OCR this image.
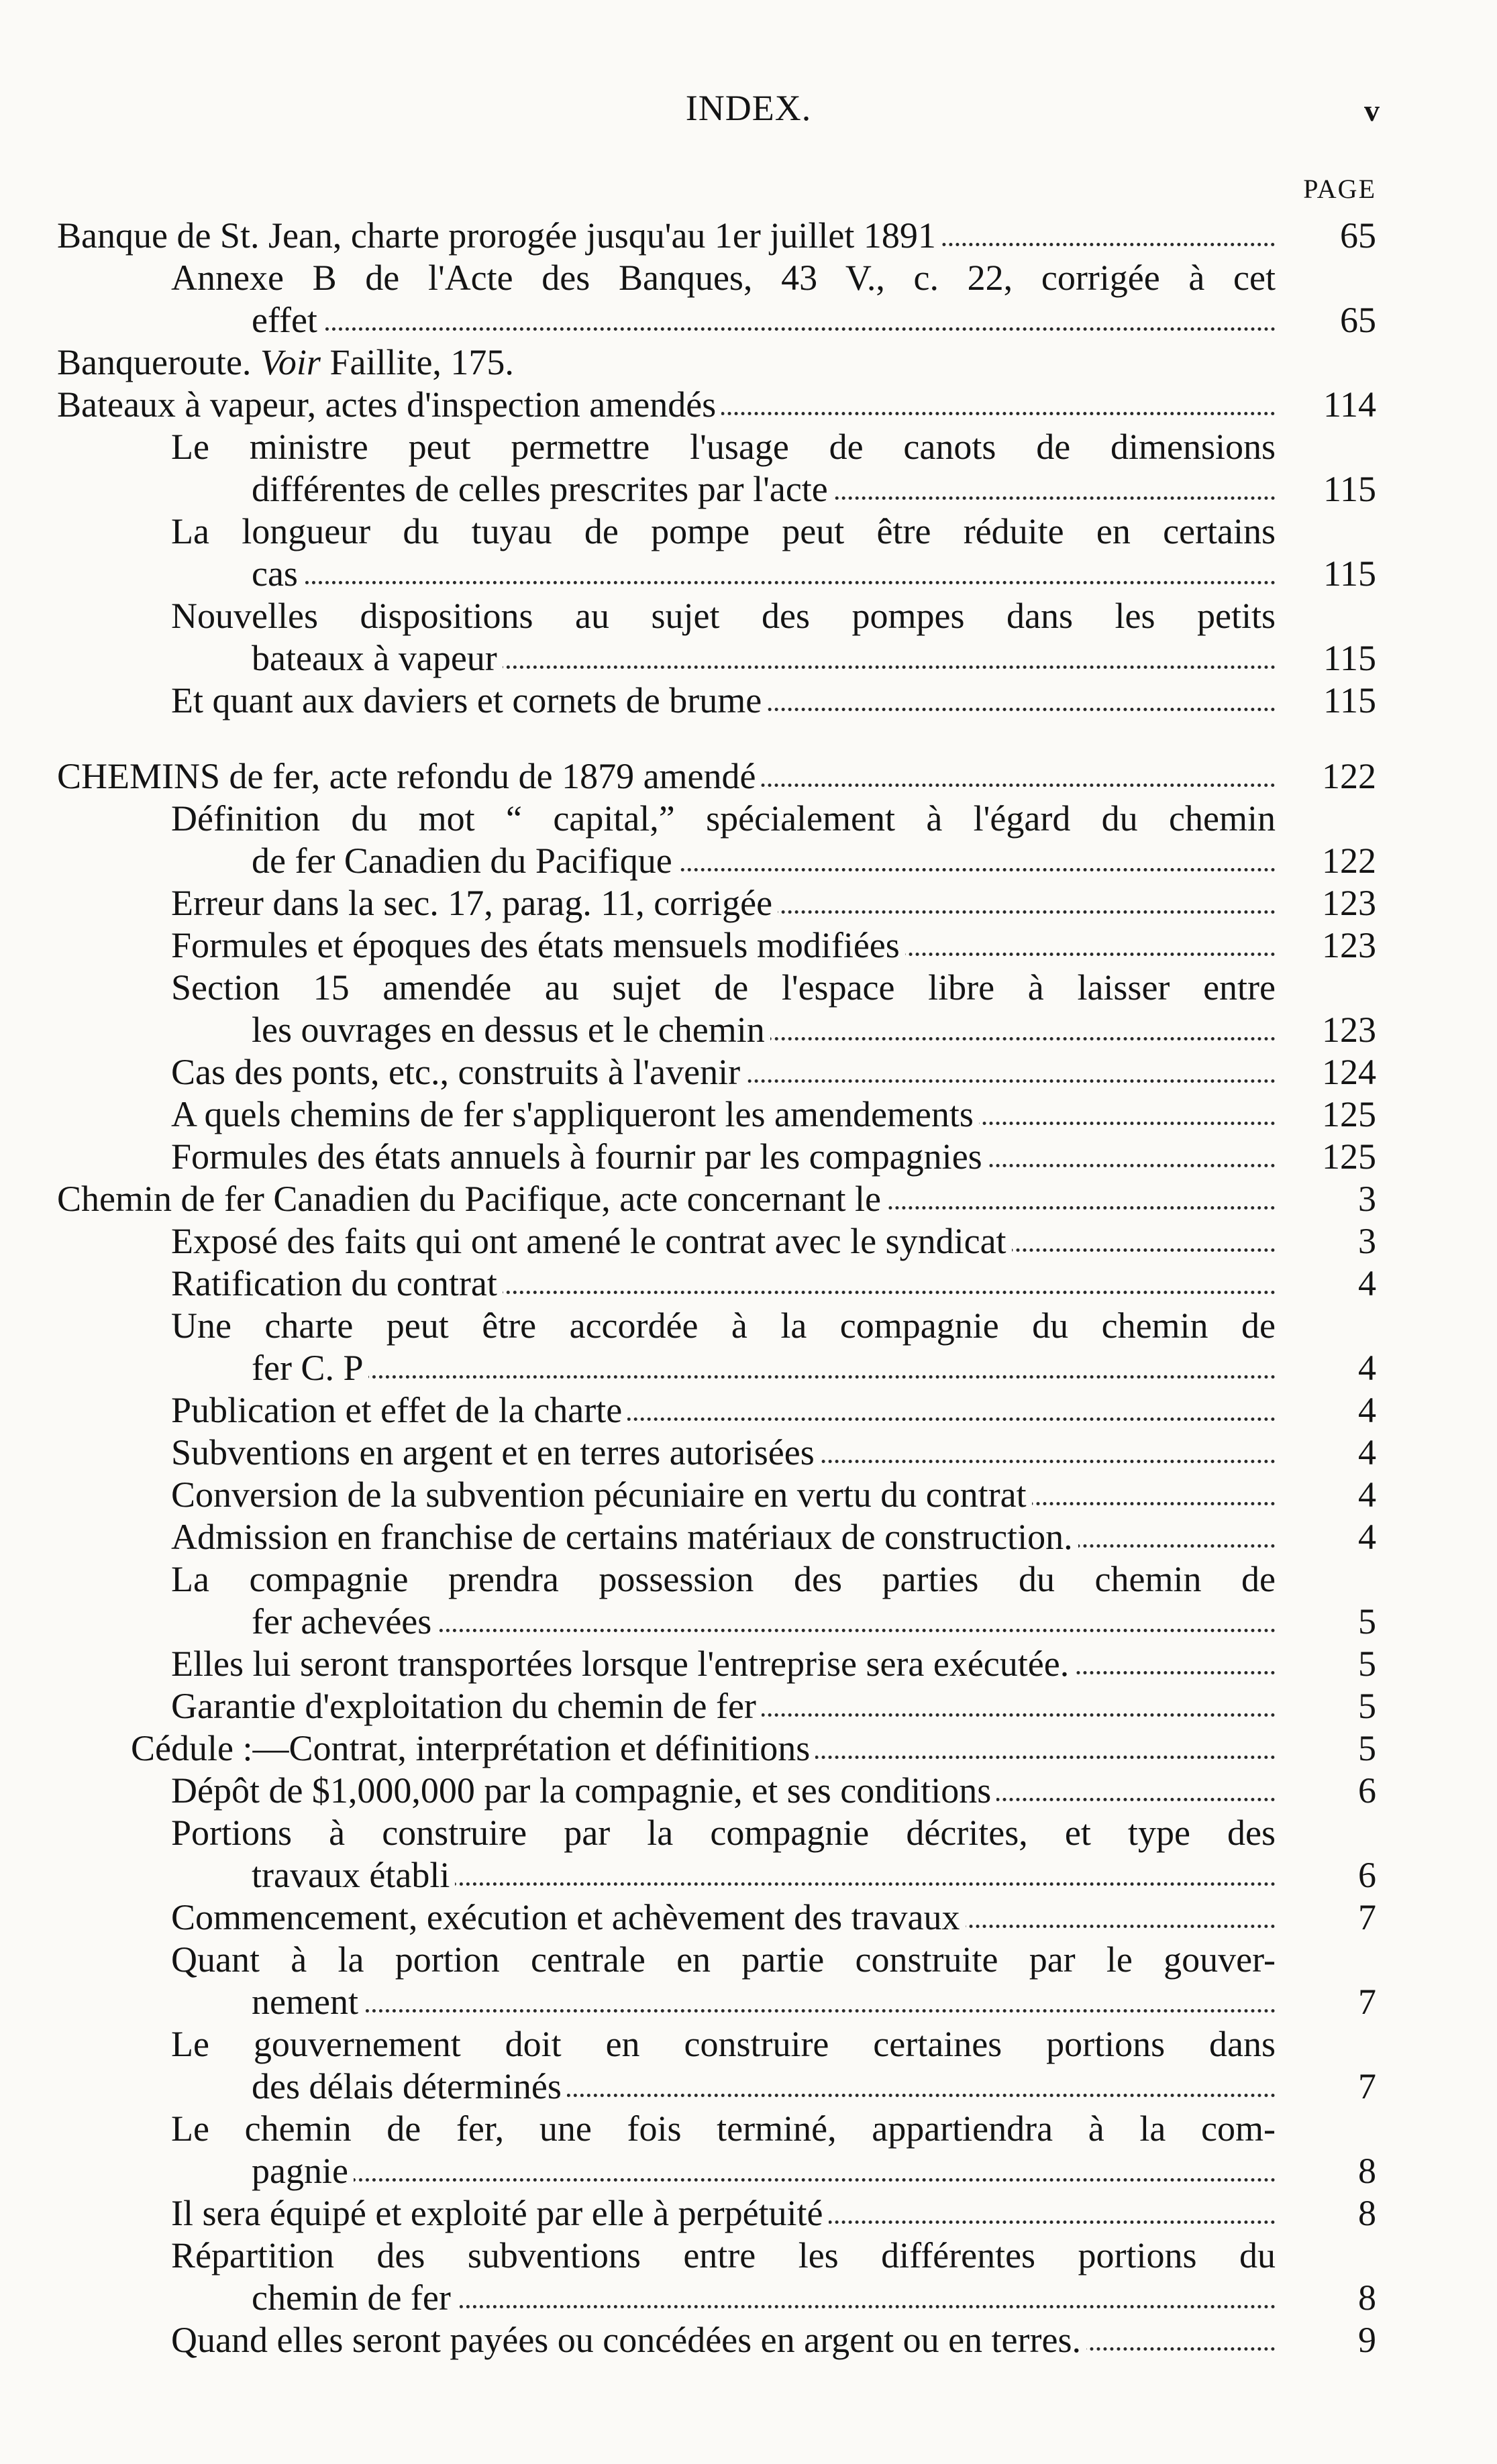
INDEX.	v
PAGE
Banque de St. Jean, charte prorogée jusqu'au 1er juillet 1891	65
Annexe B de l'Acte des Banques, 43 V., c. 22, corrigée à cet
effet	65
Banqueroute. Voir Faillite, 175.
Bateaux à vapeur, actes d'inspection amendés	114
Le ministre peut permettre l'usage de canots de dimensions
différentes de celles prescrites par l'acte	115
La longueur du tuyau de pompe peut être réduite en certains
cas	115
Nouvelles dispositions au sujet des pompes dans les petits
bateaux à vapeur	115
Et quant aux daviers et cornets de brume	115
CHEMINS de fer, acte refondu de 1879 amendé	122
Définition du mot “ capital,” spécialement à l'égard du chemin
de fer Canadien du Pacifique	122
Erreur dans la sec. 17, parag. 11, corrigée	123
Formules et époques des états mensuels modifiées	123
Section 15 amendée au sujet de l'espace libre à laisser entre
les ouvrages en dessus et le chemin	123
Cas des ponts, etc., construits à l'avenir	124
A quels chemins de fer s'appliqueront les amendements	125
Formules des états annuels à fournir par les compagnies	125
Chemin de fer Canadien du Pacifique, acte concernant le	3
Exposé des faits qui ont amené le contrat avec le syndicat	3
Ratification du contrat	4
Une charte peut être accordée à la compagnie du chemin de
fer C. P	4
Publication et effet de la charte	4
Subventions en argent et en terres autorisées	4
Conversion de la subvention pécuniaire en vertu du contrat	4
Admission en franchise de certains matériaux de construction.	4
La compagnie prendra possession des parties du chemin de
fer achevées	5
Elles lui seront transportées lorsque l'entreprise sera exécutée.	5
Garantie d'exploitation du chemin de fer	5
Cédule :—Contrat, interprétation et définitions	5
Dépôt de $1,000,000 par la compagnie, et ses conditions	6
Portions à construire par la compagnie décrites, et type des
travaux établi	6
Commencement, exécution et achèvement des travaux	7
Quant à la portion centrale en partie construite par le gouver-
nement	7
Le gouvernement doit en construire certaines portions dans
des délais déterminés	7
Le chemin de fer, une fois terminé, appartiendra à la com-
pagnie	8
Il sera équipé et exploité par elle à perpétuité	8
Répartition des subventions entre les différentes portions du
chemin de fer	8
Quand elles seront payées ou concédées en argent ou en terres.	9
